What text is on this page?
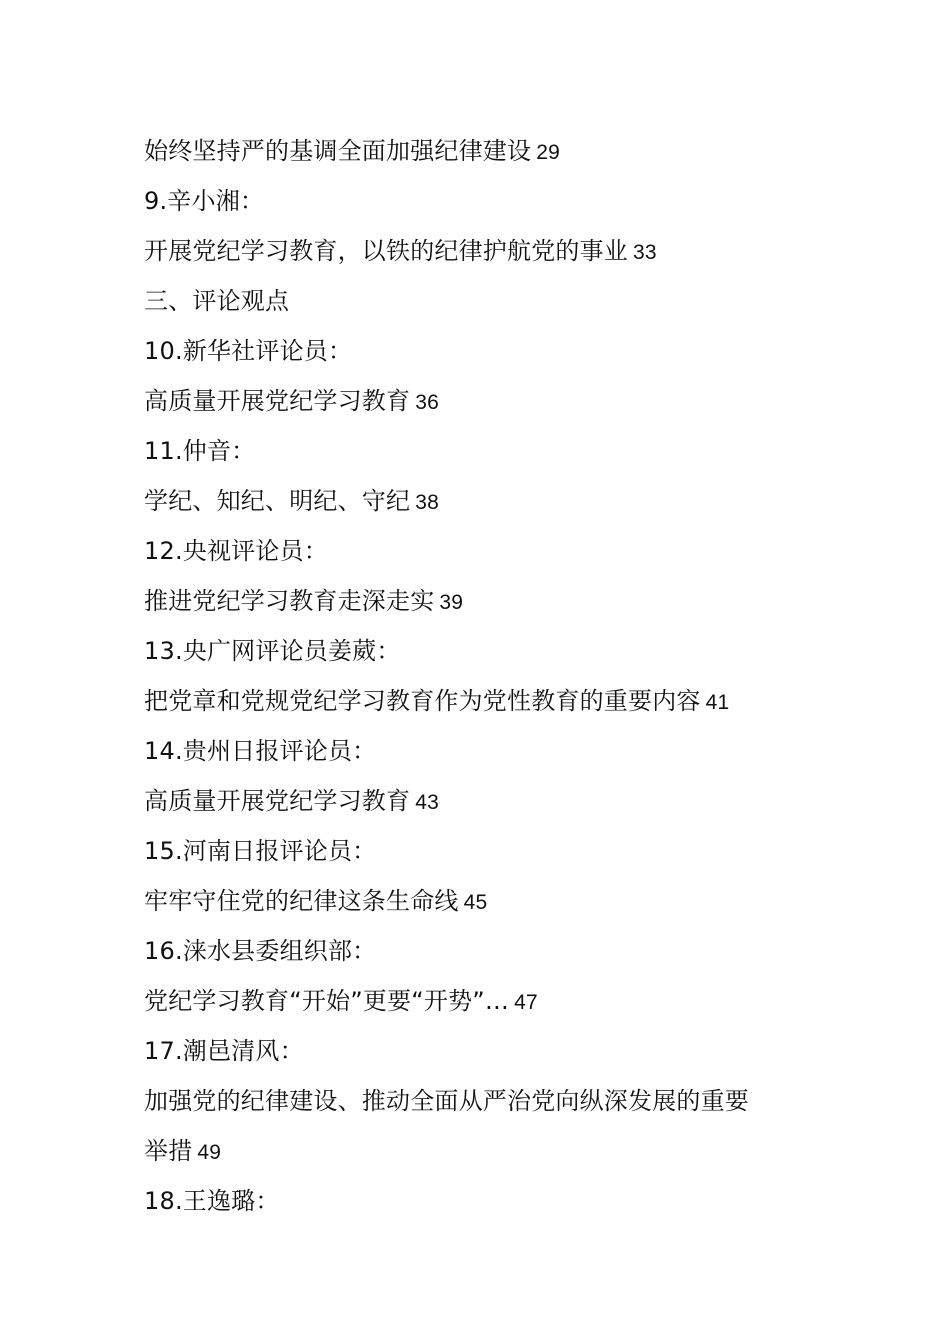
始终坚持严的基调全面加强纪律建设 29
9.辛小湘：
开展党纪学习教育，以铁的纪律护航党的事业 33
三、评论观点
10.新华社评论员：
高质量开展党纪学习教育 36
11.仲音：
学纪、知纪、明纪、守纪 38
12.央视评论员：
推进党纪学习教育走深走实 39
13.央广网评论员姜葳：
把党章和党规党纪学习教育作为党性教育的重要内容 41
14.贵州日报评论员：
高质量开展党纪学习教育 43
15.河南日报评论员：
牢牢守住党的纪律这条生命线 45
16.涞水县委组织部：
党纪学习教育“开始”更要“开势”… 47
17.潮邑清风：
加强党的纪律建设、推动全面从严治党向纵深发展的重要
举措 49
18.王逸璐：
